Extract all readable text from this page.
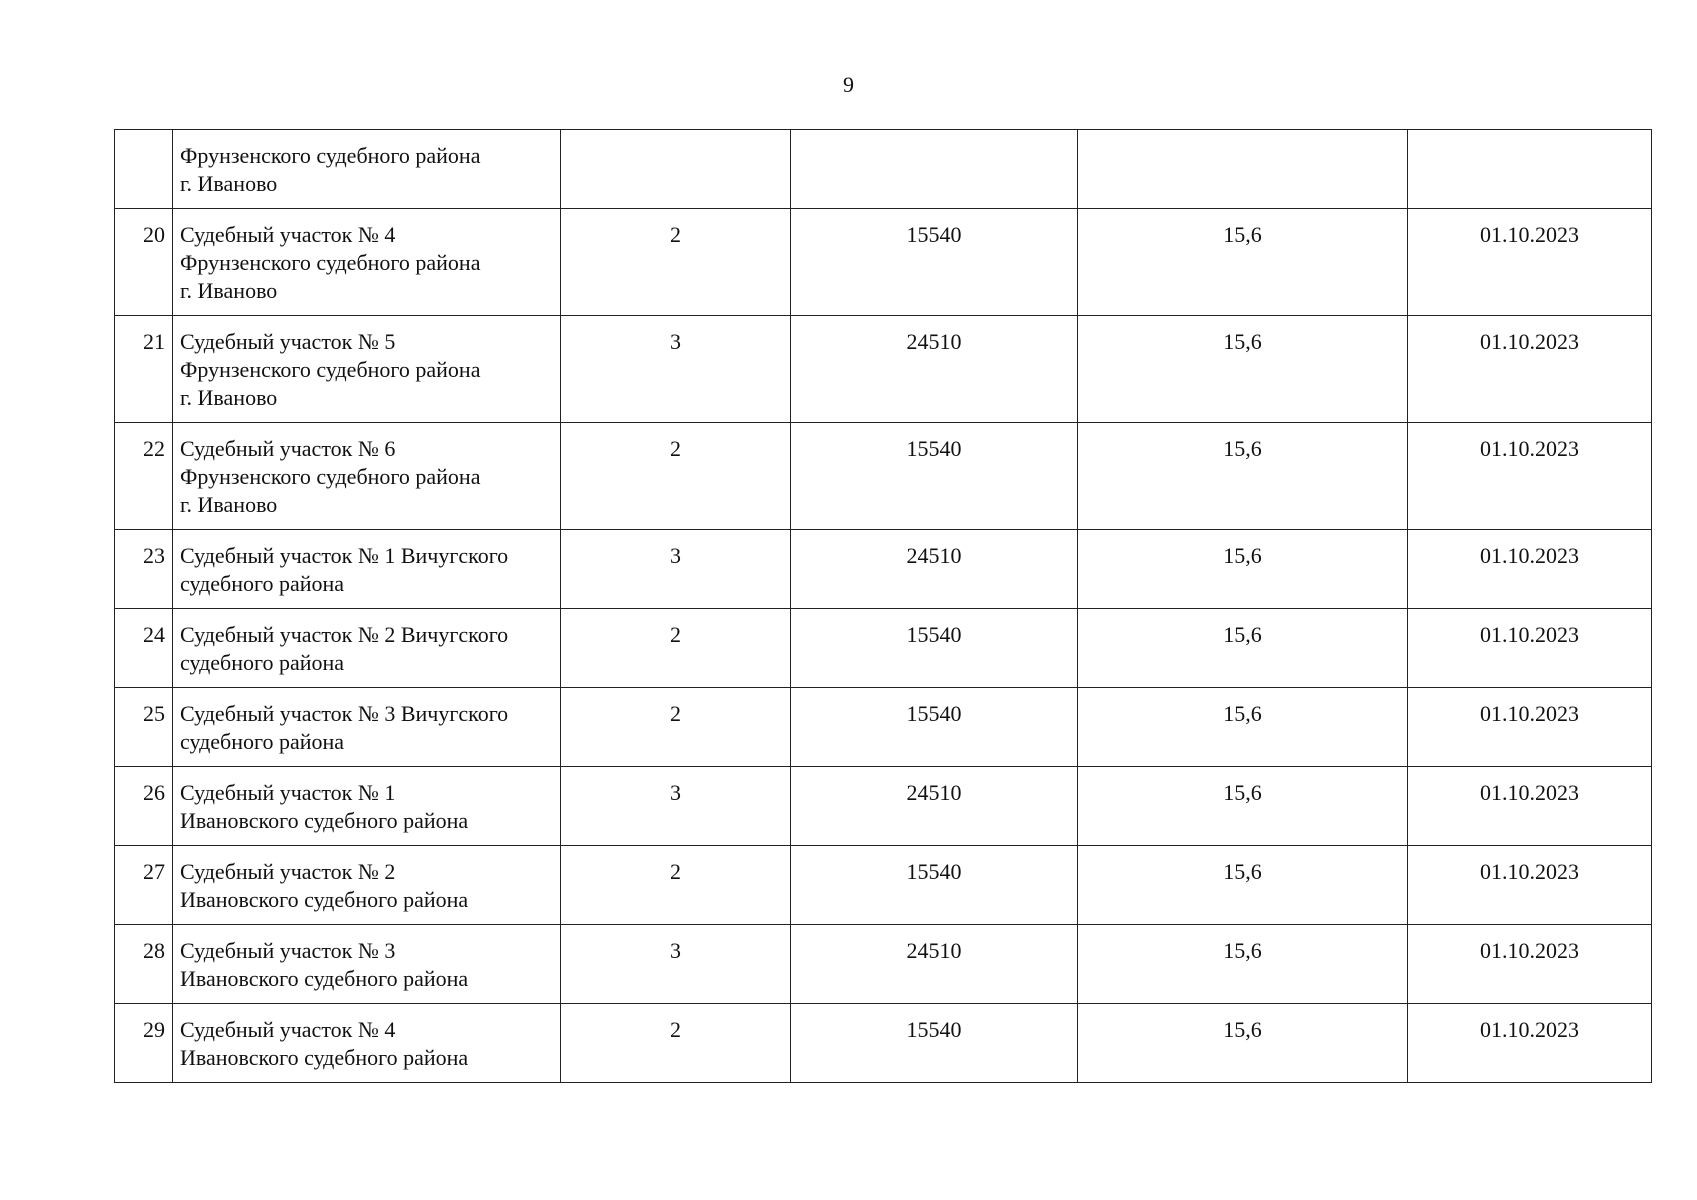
9

	Фрунзенского судебного района
г. Иваново				

20	Судебный участок № 4
Фрунзенского судебного района
г. Иваново	2	15540	15,6	01.10.2023
21	Судебный участок № 5
Фрунзенского судебного района
г. Иваново	3	24510	15,6	01.10.2023
22	Судебный участок № 6
Фрунзенского судебного района
г. Иваново	2	15540	15,6	01.10.2023
23	Судебный участок № 1 Вичугского
судебного района	3	24510	15,6	01.10.2023
24	Судебный участок № 2 Вичугского
судебного района	2	15540	15,6	01.10.2023
25	Судебный участок № 3 Вичугского
судебного района	2	15540	15,6	01.10.2023
26	Судебный участок № 1
Ивановского судебного района	3	24510	15,6	01.10.2023
27	Судебный участок № 2
Ивановского судебного района	2	15540	15,6	01.10.2023
28	Судебный участок № 3
Ивановского судебного района	3	24510	15,6	01.10.2023
29	Судебный участок № 4
Ивановского судебного района	2	15540	15,6	01.10.2023
